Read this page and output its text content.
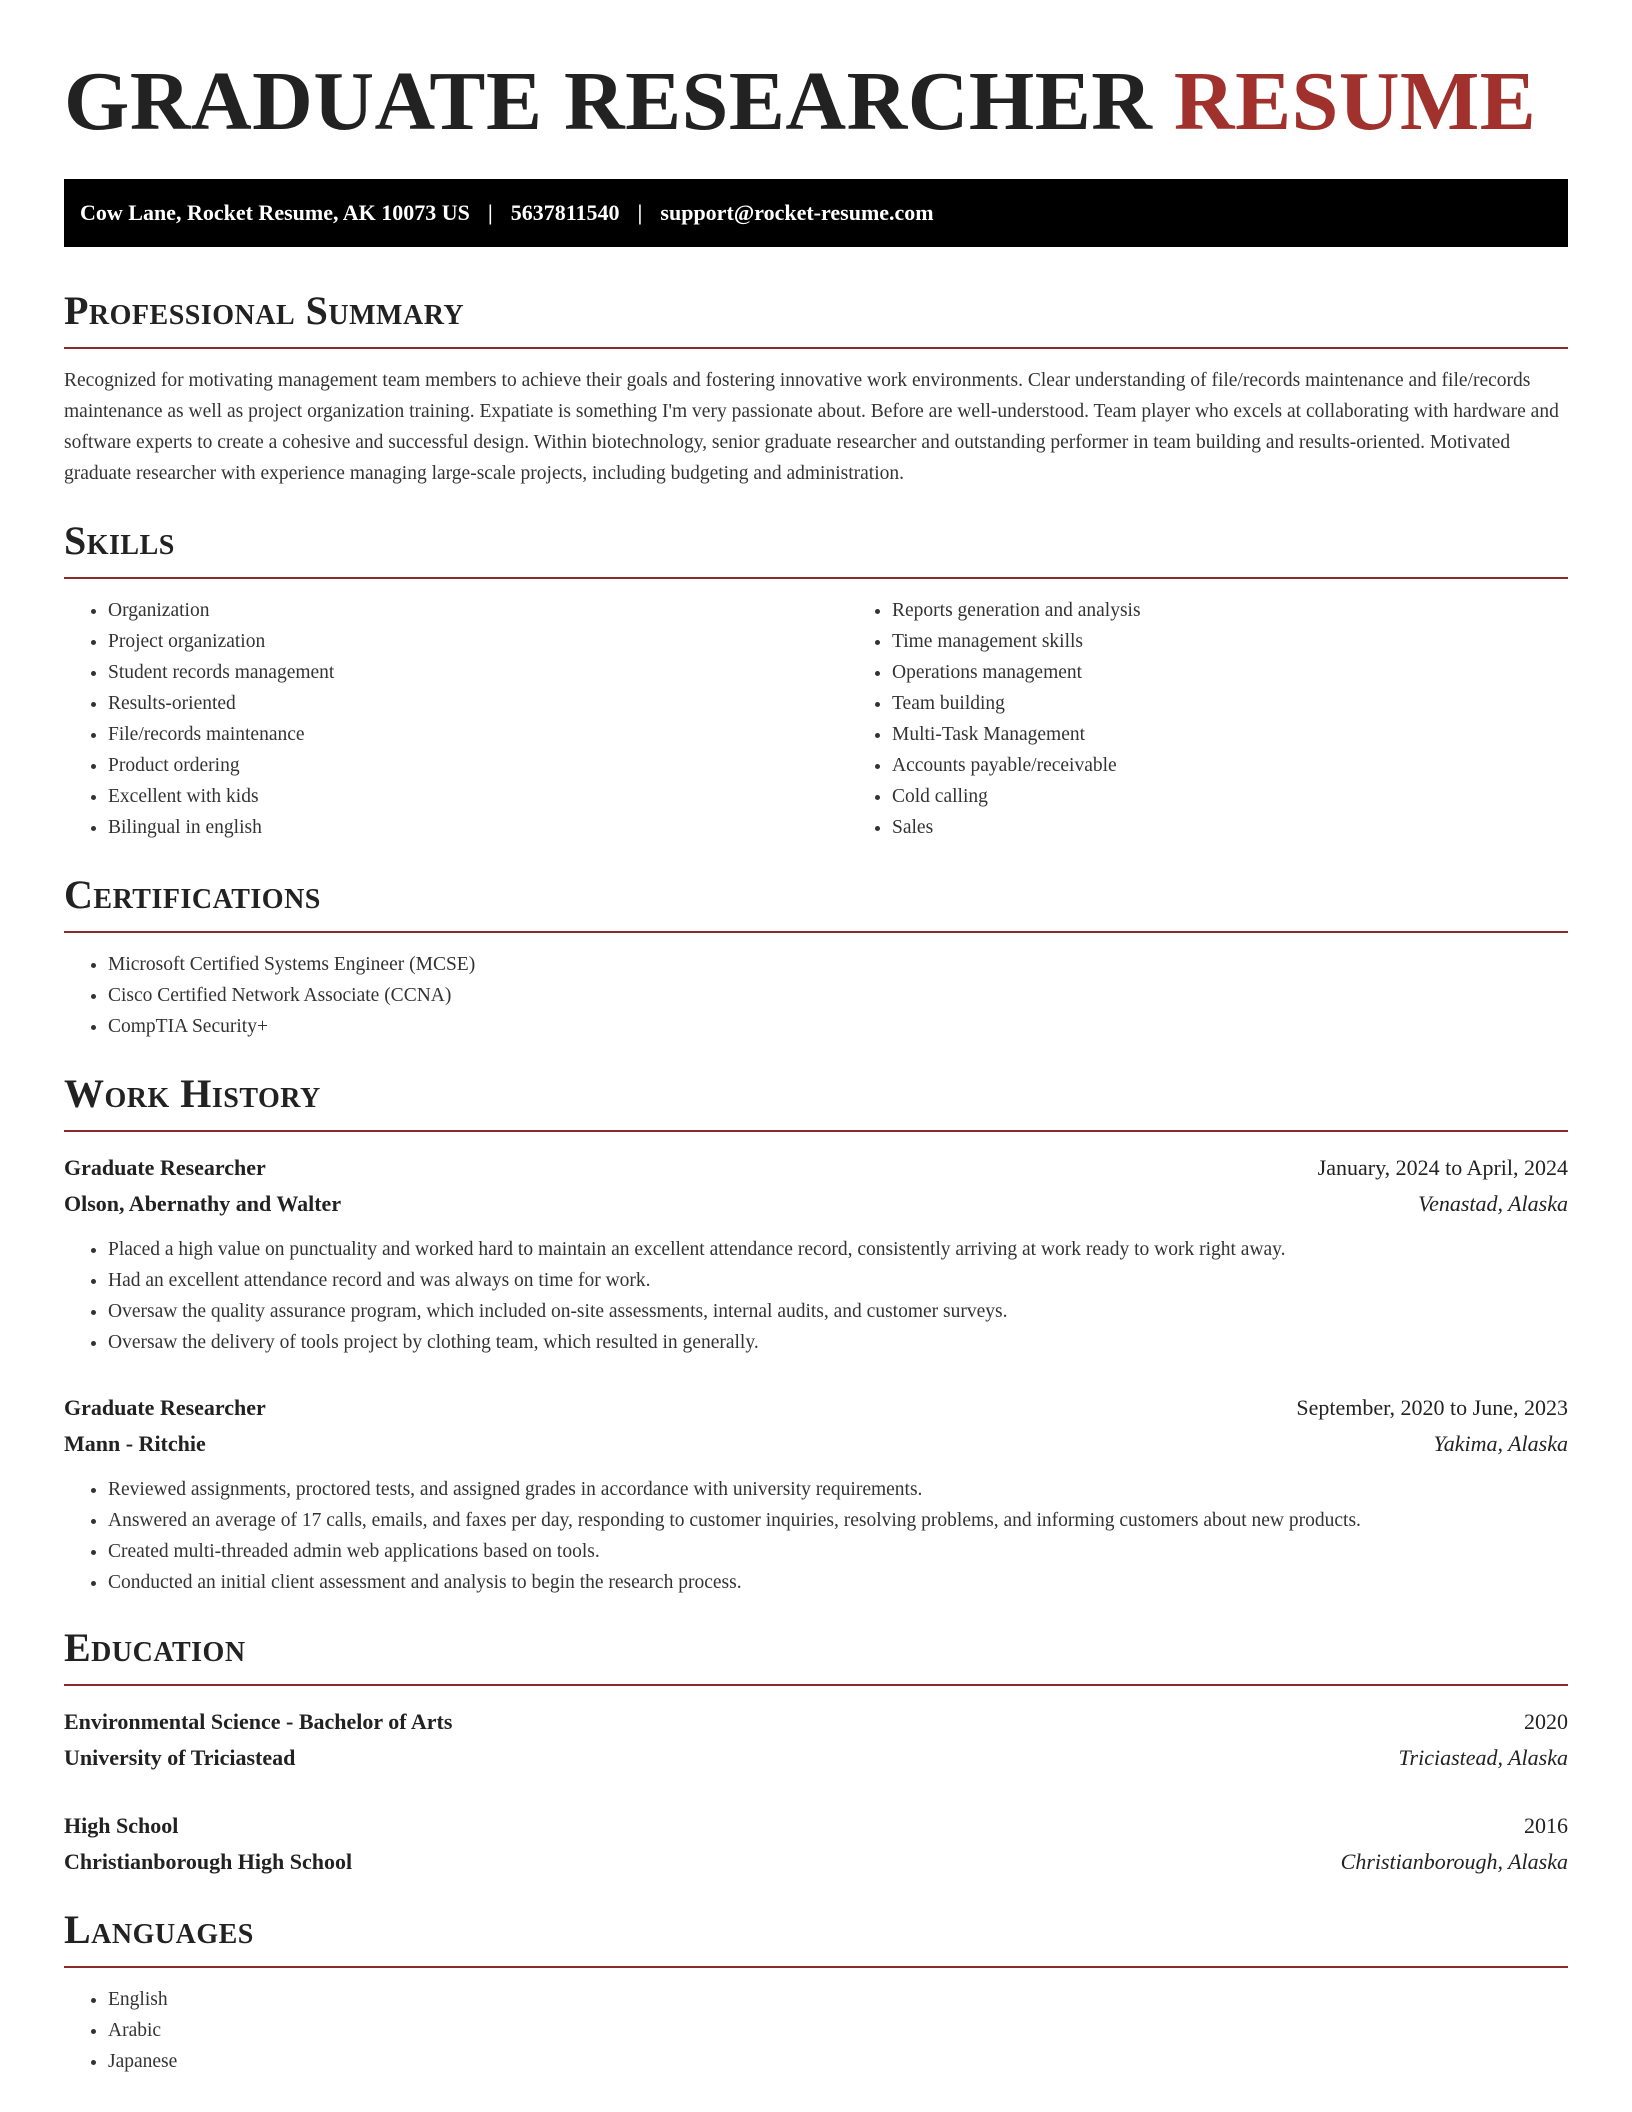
GRADUATE RESEARCHER RESUME
Cow Lane, Rocket Resume, AK 10073 US | 5637811540 | support@rocket-resume.com
Professional Summary

Recognized for motivating management team members to achieve their goals and fostering innovative work environments. Clear understanding of file/records maintenance and file/records maintenance as well as project organization training. Expatiate is something I'm very passionate about. Before are well-understood. Team player who excels at collaborating with hardware and software experts to create a cohesive and successful design. Within biotechnology, senior graduate researcher and outstanding performer in team building and results-oriented. Motivated graduate researcher with experience managing large-scale projects, including budgeting and administration.

Skills
• Organization
• Project organization
• Student records management
• Results-oriented
• File/records maintenance
• Product ordering
• Excellent with kids
• Bilingual in english
• Reports generation and analysis
• Time management skills
• Operations management
• Team building
• Multi-Task Management
• Accounts payable/receivable
• Cold calling
• Sales
Certifications
• Microsoft Certified Systems Engineer (MCSE)
• Cisco Certified Network Associate (CCNA)
• CompTIA Security+
Work History
Graduate Researcher	January, 2024 to April, 2024
Olson, Abernathy and Walter	Venastad, Alaska
• Placed a high value on punctuality and worked hard to maintain an excellent attendance record, consistently arriving at work ready to work right away.
• Had an excellent attendance record and was always on time for work.
• Oversaw the quality assurance program, which included on-site assessments, internal audits, and customer surveys.
• Oversaw the delivery of tools project by clothing team, which resulted in generally.
Graduate Researcher	September, 2020 to June, 2023
Mann - Ritchie	Yakima, Alaska
• Reviewed assignments, proctored tests, and assigned grades in accordance with university requirements.
• Answered an average of 17 calls, emails, and faxes per day, responding to customer inquiries, resolving problems, and informing customers about new products.
• Created multi-threaded admin web applications based on tools.
• Conducted an initial client assessment and analysis to begin the research process.
Education
Environmental Science - Bachelor of Arts	2020
University of Triciastead	Triciastead, Alaska
High School	2016
Christianborough High School	Christianborough, Alaska
Languages
• English
• Arabic
• Japanese
